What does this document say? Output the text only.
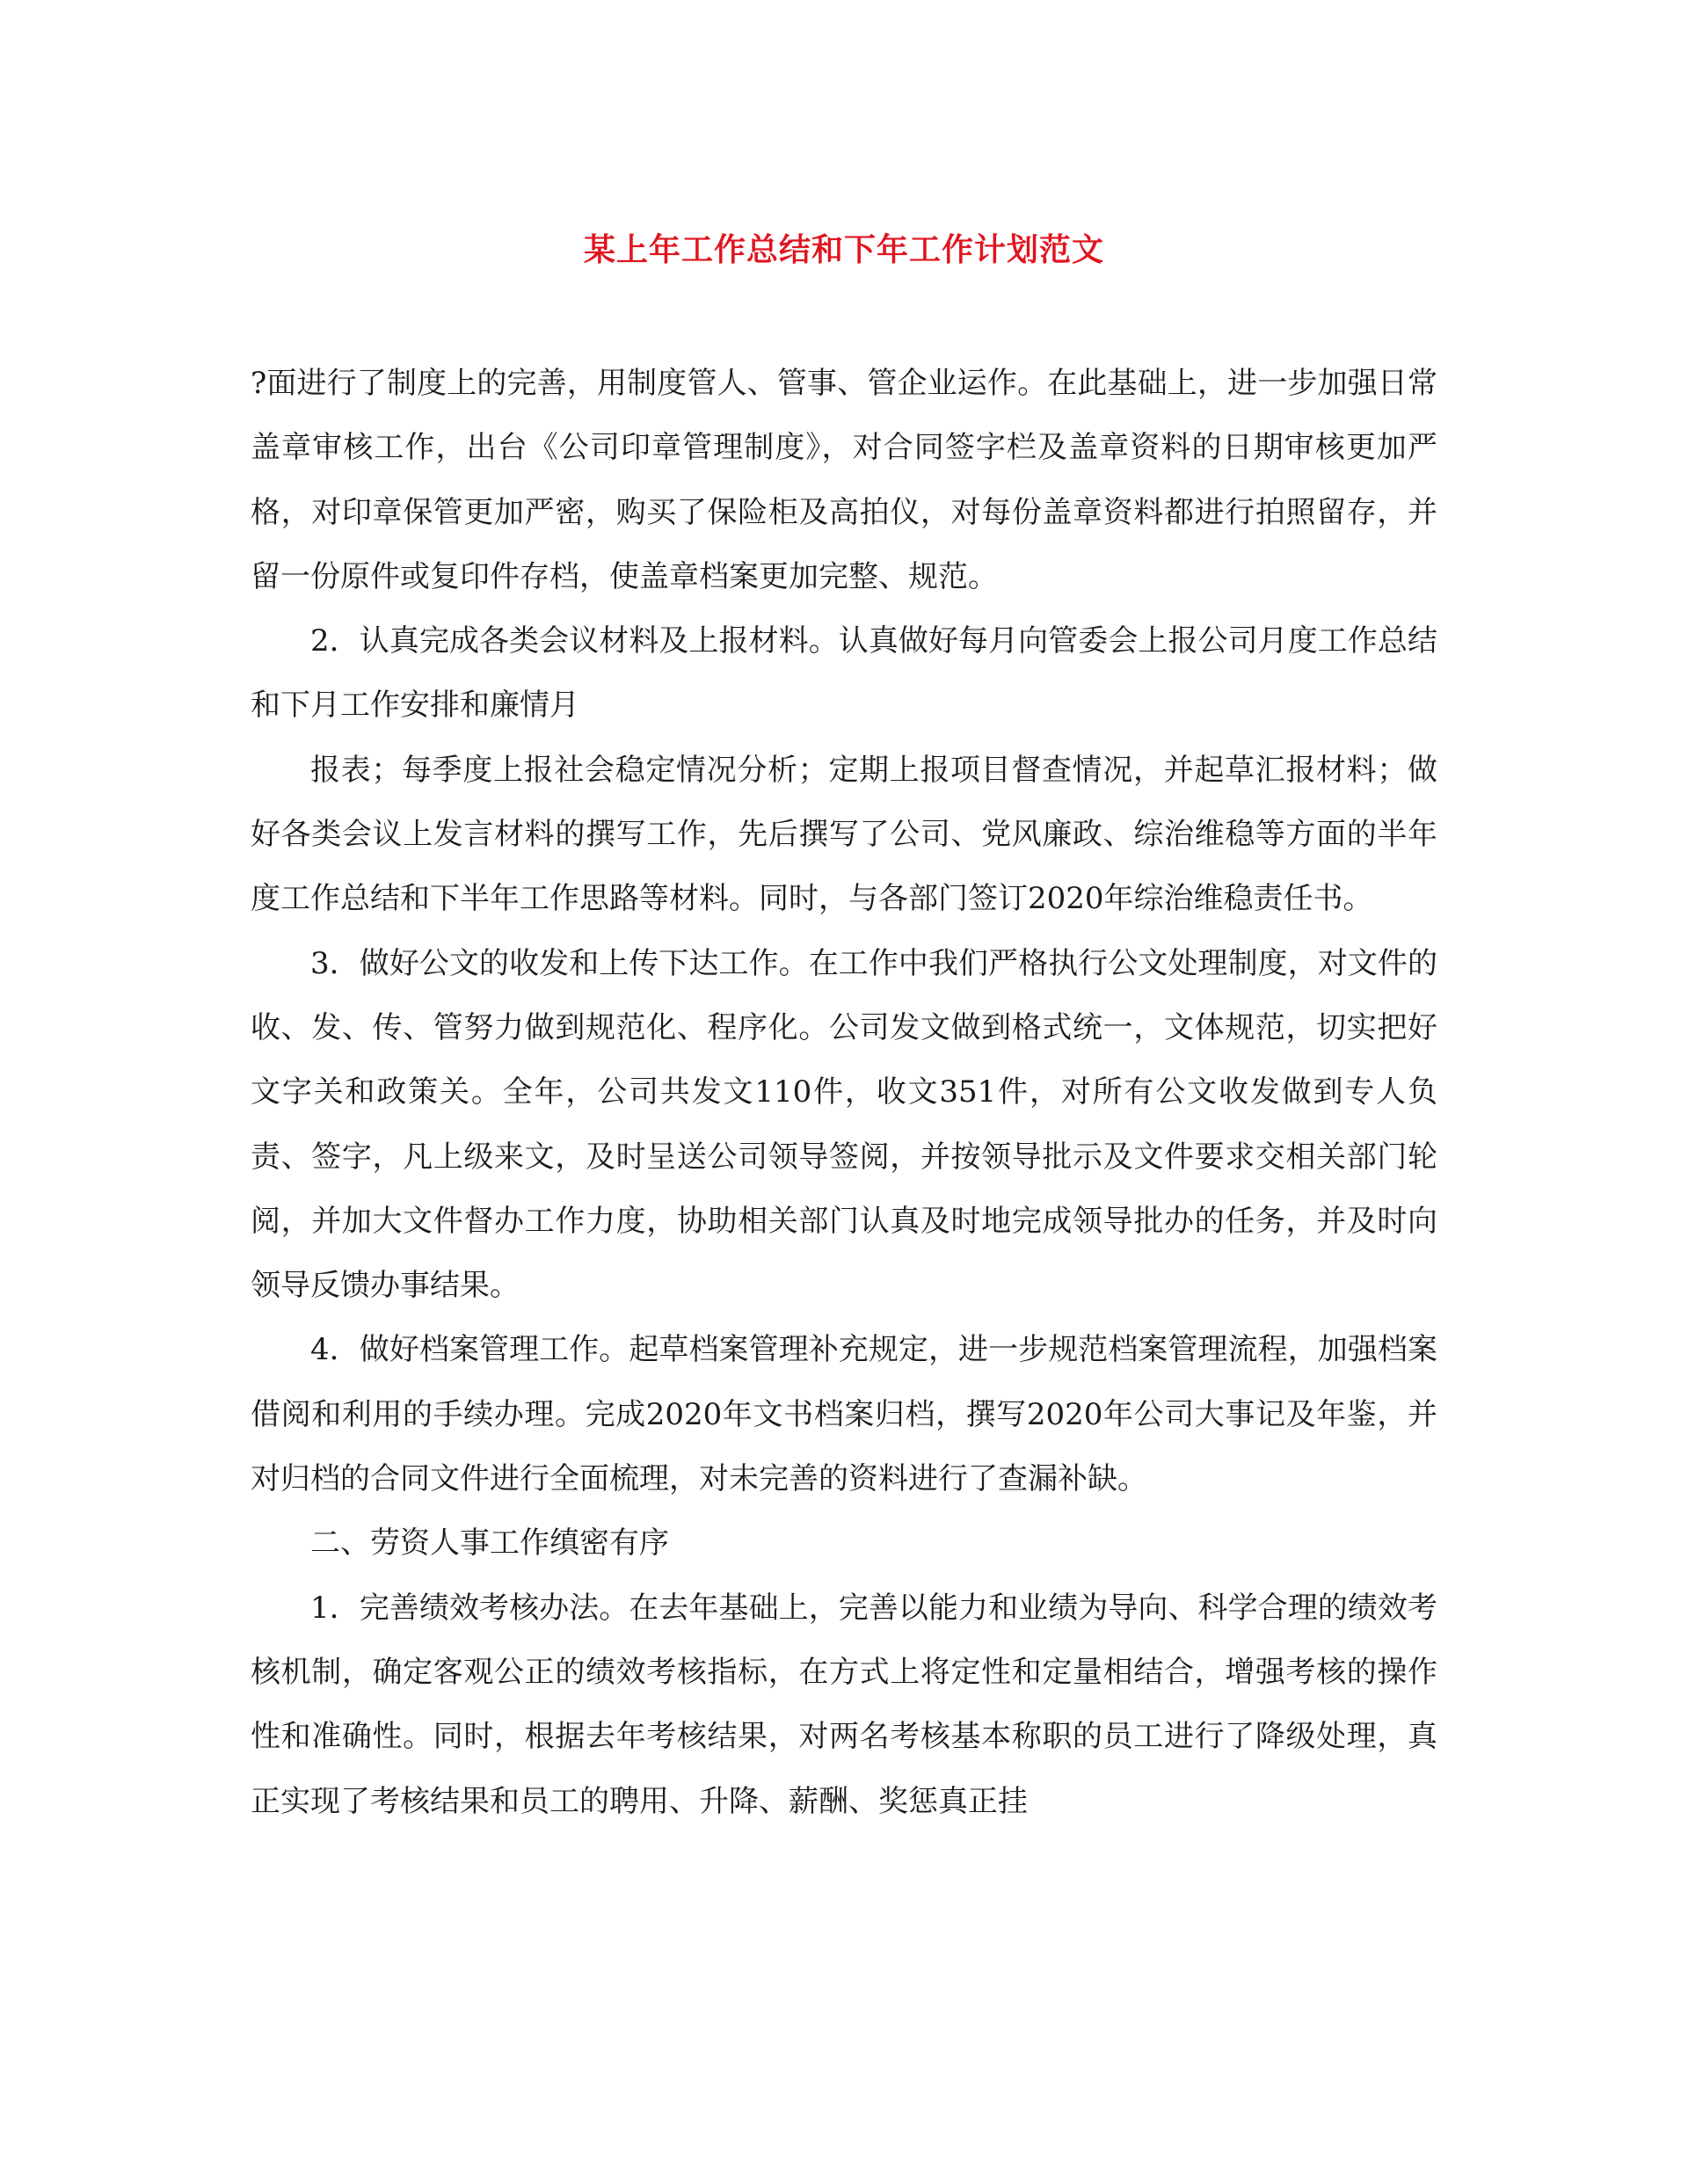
某上年工作总结和下年工作计划范文

?面进行了制度上的完善，用制度管人、管事、管企业运作。在此基础上，进一步加强日常盖章审核工作，出台《公司印章管理制度》，对合同签字栏及盖章资料的日期审核更加严格，对印章保管更加严密，购买了保险柜及高拍仪，对每份盖章资料都进行拍照留存，并留一份原件或复印件存档，使盖章档案更加完整、规范。

2．认真完成各类会议材料及上报材料。认真做好每月向管委会上报公司月度工作总结和下月工作安排和廉情月

报表；每季度上报社会稳定情况分析；定期上报项目督查情况，并起草汇报材料；做好各类会议上发言材料的撰写工作，先后撰写了公司、党风廉政、综治维稳等方面的半年度工作总结和下半年工作思路等材料。同时，与各部门签订2020年综治维稳责任书。

3．做好公文的收发和上传下达工作。在工作中我们严格执行公文处理制度，对文件的收、发、传、管努力做到规范化、程序化。公司发文做到格式统一，文体规范，切实把好文字关和政策关。全年，公司共发文110件，收文351件，对所有公文收发做到专人负责、签字，凡上级来文，及时呈送公司领导签阅，并按领导批示及文件要求交相关部门轮阅，并加大文件督办工作力度，协助相关部门认真及时地完成领导批办的任务，并及时向领导反馈办事结果。

4．做好档案管理工作。起草档案管理补充规定，进一步规范档案管理流程，加强档案借阅和利用的手续办理。完成2020年文书档案归档，撰写2020年公司大事记及年鉴，并对归档的合同文件进行全面梳理，对未完善的资料进行了查漏补缺。

二、劳资人事工作缜密有序

1．完善绩效考核办法。在去年基础上，完善以能力和业绩为导向、科学合理的绩效考核机制，确定客观公正的绩效考核指标，在方式上将定性和定量相结合，增强考核的操作性和准确性。同时，根据去年考核结果，对两名考核基本称职的员工进行了降级处理，真正实现了考核结果和员工的聘用、升降、薪酬、奖惩真正挂
